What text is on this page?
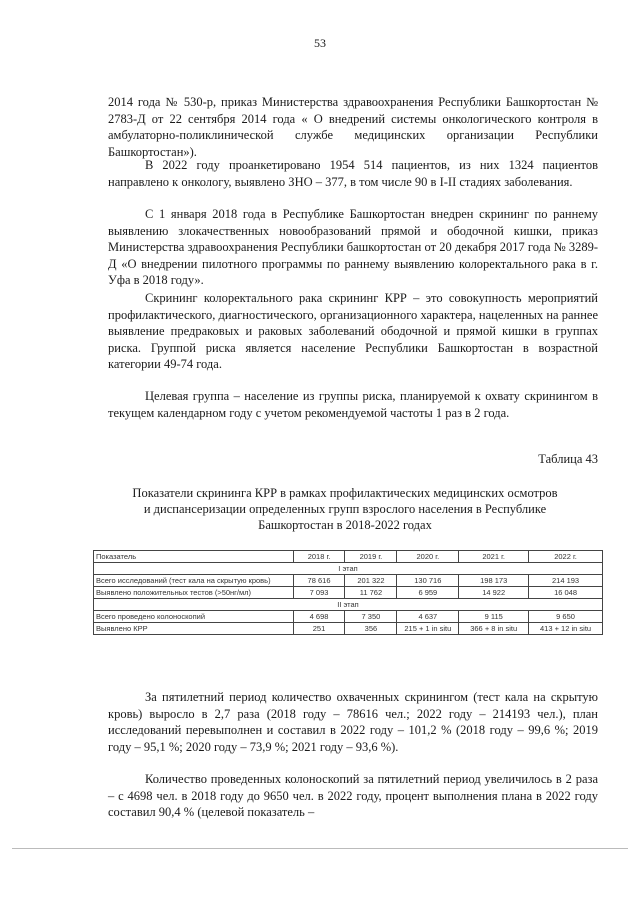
53

2014 года № 530-р, приказ Министерства здравоохранения Республики Башкортостан № 2783-Д от 22 сентября 2014 года « О внедрений системы онкологического контроля в амбулаторно-поликлинической службе медицинских организации Республики Башкортостан»).

В 2022 году проанкетировано 1954 514 пациентов, из них 1324 пациентов направлено к онкологу, выявлено ЗНО – 377, в том числе 90 в I-II стадиях заболевания.

С 1 января 2018 года в Республике Башкортостан внедрен скрининг по раннему выявлению злокачественных новообразований прямой и ободочной кишки, приказ Министерства здравоохранения Республики башкортостан от 20 декабря 2017 года № 3289-Д «О внедрении пилотного программы по раннему выявлению колоректального рака в г. Уфа в 2018 году».

Скрининг колоректального рака скрининг КРР – это совокупность мероприятий профилактического, диагностического, организационного характера, нацеленных на раннее выявление предраковых и раковых заболеваний ободочной и прямой кишки в группах риска. Группой риска является население Республики Башкортостан в возрастной категории 49-74 года.

Целевая группа – население из группы риска, планируемой к охвату скринингом в текущем календарном году с учетом рекомендуемой частоты 1 раз в 2 года.

Таблица 43
Показатели скрининга КРР в рамках профилактических медицинских осмотров и диспансеризации определенных групп взрослого населения в Республике Башкортостан в 2018-2022 годах
Показатель	2018 г.	2019 г.	2020 г.	2021 г.	2022 г.
I этап					
Всего исследований (тест кала на скрытую кровь)	78 616	201 322	130 716	198 173	214 193
Выявлено положительных тестов (>50нг/мл)	7 093	11 762	6 959	14 922	16 048
II этап					
Всего проведено колоноскопий	4 698	7 350	4 637	9 115	9 650
Выявлено КРР	251	356	215 + 1 in situ	366 + 8 in situ	413 + 12 in situ

За пятилетний период количество охваченных скринингом (тест кала на скрытую кровь) выросло в 2,7 раза (2018 году – 78616 чел.; 2022 году – 214193 чел.), план исследований перевыполнен и составил в 2022 году – 101,2 % (2018 году – 99,6 %; 2019 году – 95,1 %; 2020 году – 73,9 %; 2021 году – 93,6 %).

Количество проведенных колоноскопий за пятилетний период увеличилось в 2 раза – с 4698 чел. в 2018 году до 9650 чел. в 2022 году, процент выполнения плана в 2022 году составил 90,4 % (целевой показатель –
